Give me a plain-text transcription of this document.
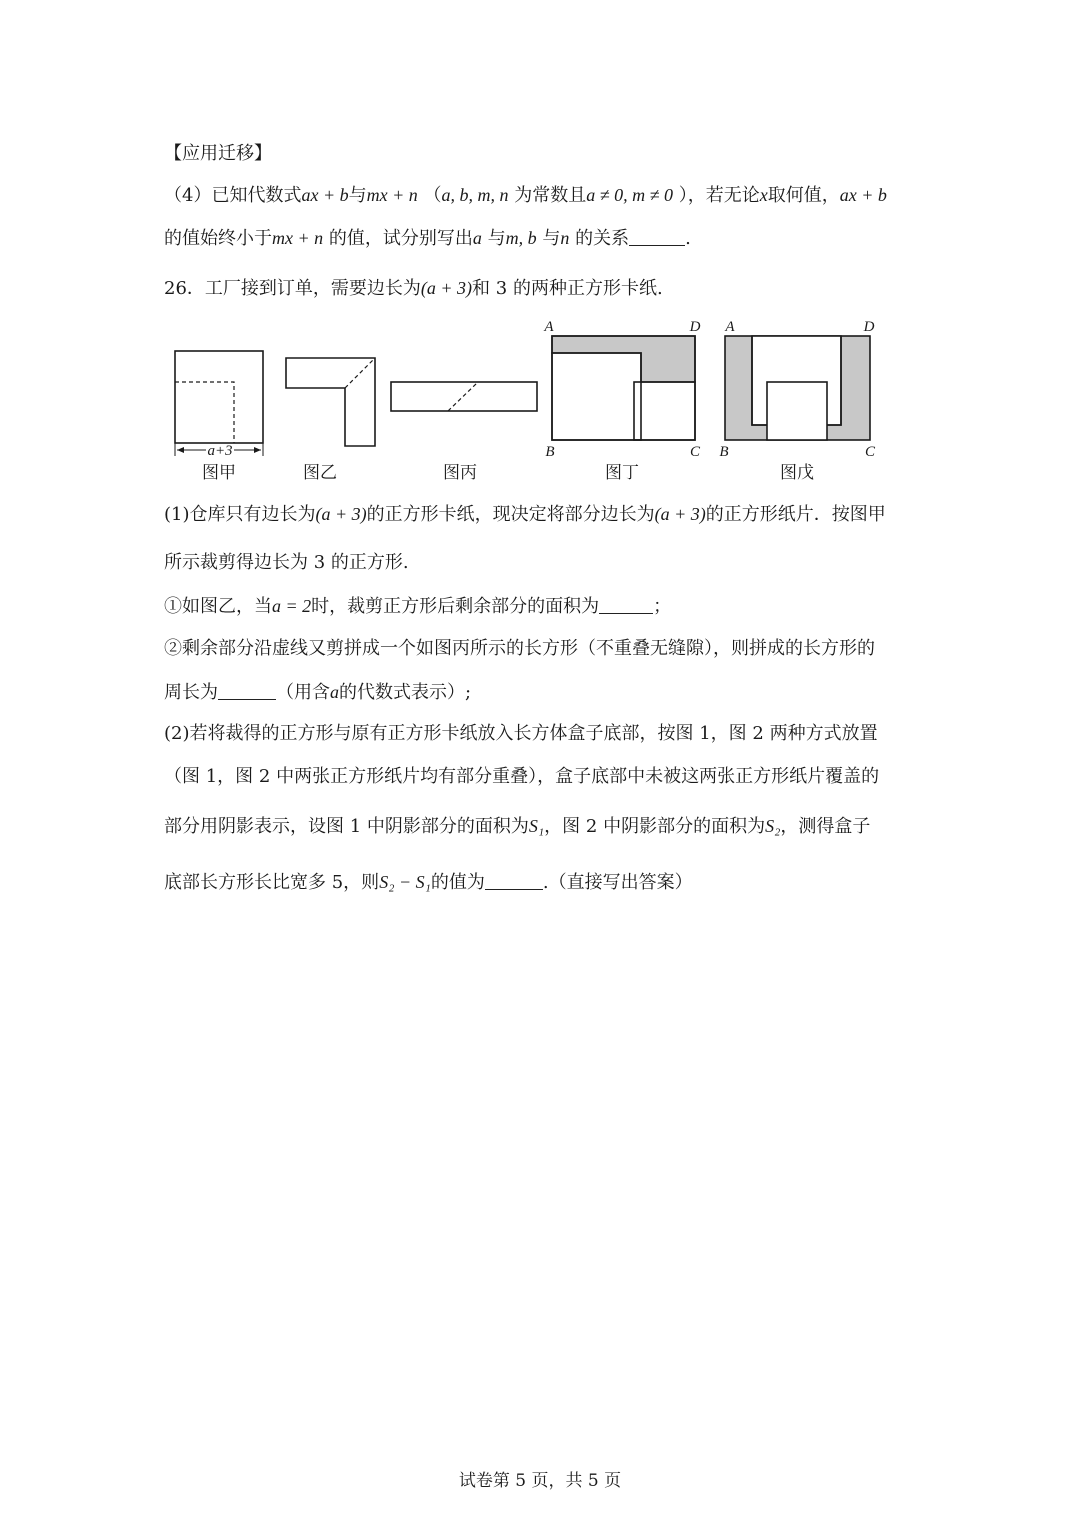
【应用迁移】
（4）已知代数式ax + b与mx + n （a, b, m, n 为常数且a ≠ 0, m ≠ 0 ），若无论x取何值，ax + b
的值始终小于mx + n 的值，试分别写出a 与m, b 与n 的关系	.
26．工厂接到订单，需要边长为(a + 3)和 3 的两种正方形卡纸.
a+3
图甲	图乙	图丙
A	D
B	C
图丁
A	D
B	C
图戊
(1)仓库只有边长为(a + 3)的正方形卡纸，现决定将部分边长为(a + 3)的正方形纸片．按图甲
所示裁剪得边长为 3 的正方形.
①如图乙，当a = 2时，裁剪正方形后剩余部分的面积为	；
②剩余部分沿虚线又剪拼成一个如图丙所示的长方形（不重叠无缝隙），则拼成的长方形的
周长为	（用含a的代数式表示）;
(2)若将裁得的正方形与原有正方形卡纸放入长方体盒子底部，按图 1，图 2 两种方式放置
（图 1，图 2 中两张正方形纸片均有部分重叠），盒子底部中未被这两张正方形纸片覆盖的
部分用阴影表示，设图 1 中阴影部分的面积为S₁，图 2 中阴影部分的面积为S₂，测得盒子
底部长方形长比宽多 5，则S₂ − S₁的值为	.（直接写出答案）
试卷第 5 页，共 5 页
